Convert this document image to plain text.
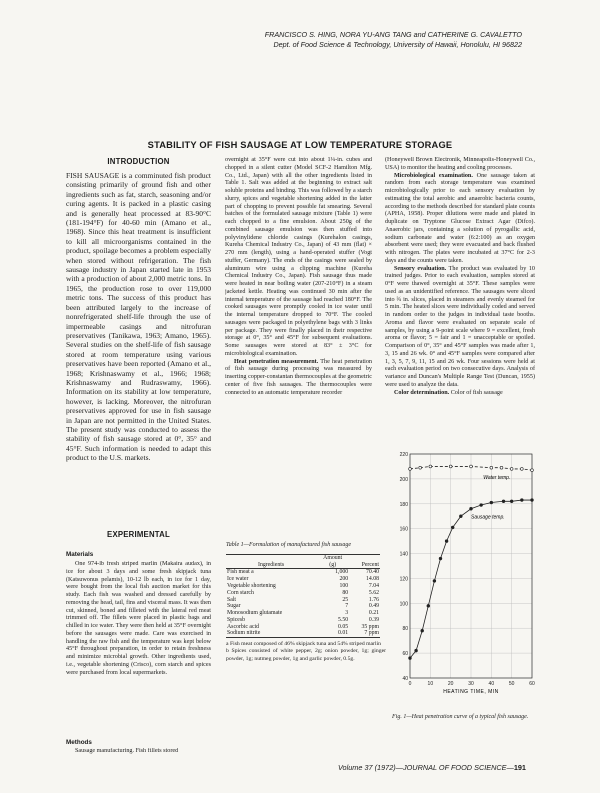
FRANCISCO S. HING, NORA YU-ANG TANG and CATHERINE G. CAVALETTO
Dept. of Food Science & Technology, University of Hawaii, Honolulu, HI 96822
STABILITY OF FISH SAUSAGE AT LOW TEMPERATURE STORAGE
INTRODUCTION
FISH SAUSAGE is a comminuted fish product consisting primarily of ground fish and other ingredients such as fat, starch, seasoning and/or curing agents. It is packed in a plastic casing and is generally heat processed at 83-90°C (181-194°F) for 40-60 min (Amano et al., 1968). Since this heat treatment is insufficient to kill all microorganisms contained in the product, spoilage becomes a problem especially when stored without refrigeration. The fish sausage industry in Japan started late in 1953 with a production of about 2,000 metric tons. In 1965, the production rose to over 119,000 metric tons. The success of this product has been attributed largely to the increase of nonrefrigerated shelf-life through the use of impermeable casings and nitrofuran preservatives (Tanikawa, 1963; Amano, 1965). Several studies on the shelf-life of fish sausage stored at room temperature using various preservatives have been reported (Amano et al., 1968; Krishnaswamy et al., 1966; 1968; Krishnaswamy and Rudraswamy, 1966). Information on its stability at low temperature, however, is lacking. Moreover, the nitrofuran preservatives approved for use in fish sausage in Japan are not permitted in the United States. The present study was conducted to assess the stability of fish sausage stored at 0°, 35° and 45°F. Such information is needed to adapt this product to the U.S. markets.
EXPERIMENTAL
Materials
One 974-lb fresh striped marlin (Makaira audax), in ice for about 3 days and some fresh skipjack tuna (Katsuwonus pelamis), 10-12 lb each, in ice for 1 day, were bought from the local fish auction market for this study. Each fish was washed and dressed carefully by removing the head, tail, fins and visceral mass. It was then cut, skinned, boned and filleted with the lateral red meat trimmed off. The fillets were placed in plastic bags and chilled in ice water. They were then held at 35°F overnight before the sausages were made. Care was exercised in handling the raw fish and the temperature was kept below 45°F throughout preparation, in order to retain freshness and minimize microbial growth. Other ingredients used, i.e., vegetable shortening (Crisco), corn starch and spices were purchased from local supermarkets.
Methods
Sausage manufacturing. Fish fillets stored

overnight at 35°F were cut into about 1¼-in. cubes and chopped in a silent cutter (Model SCF-2 Hamilton Mfg. Co., Ltd., Japan) with all the other ingredients listed in Table 1. Salt was added at the beginning to extract salt soluble proteins and binding. This was followed by a starch slurry, spices and vegetable shortening added in the latter part of chopping to prevent possible fat smearing. Several batches of the formulated sausage mixture (Table 1) were each chopped to a fine emulsion. About 250g of the combined sausage emulsion was then stuffed into polyvinylidene chloride casings (Kurehalon casings, Kureha Chemical Industry Co., Japan) of 43 mm (flat) × 270 mm (length), using a hand-operated stuffer (Vogt stuffer, Germany). The ends of the casings were sealed by aluminum wire using a clipping machine (Kureha Chemical Industry Co., Japan). Fish sausage thus made were heated in near boiling water (207-210°F) in a steam jacketed kettle. Heating was continued 30 min after the internal temperature of the sausage had reached 180°F. The cooked sausages were promptly cooled in ice water until the internal temperature dropped to 70°F. The cooled sausages were packaged in polyethylene bags with 3 links per package. They were finally placed in their respective storage at 0°, 35° and 45°F for subsequent evaluations. Some sausages were stored at 83° ± 3°C for microbiological examination.

Heat penetration measurement. The heat penetration of fish sausage during processing was measured by inserting copper-constantan thermocouples at the geometric center of five fish sausages. The thermocouples were connected to an automatic temperature recorder

(Honeywell Brown Electronik, Minneapolis-Honeywell Co., USA) to monitor the heating and cooling processes.

Microbiological examination. One sausage taken at random from each storage temperature was examined microbiologically prior to each sensory evaluation by estimating the total aerobic and anaerobic bacteria counts, according to the methods described for standard plate counts (APHA, 1958). Proper dilutions were made and plated in duplicate on Tryptone Glucose Extract Agar (Difco). Anaerobic jars, containing a solution of pyrogallic acid, sodium carbonate and water (6:2:100) as an oxygen absorbent were used; they were evacuated and back flushed with nitrogen. The plates were incubated at 37°C for 2-3 days and the counts were taken.

Sensory evaluation. The product was evaluated by 10 trained judges. Prior to each evaluation, samples stored at 0°F were thawed overnight at 35°F. These samples were used as an unidentified reference. The sausages were sliced into ¾ in. slices, placed in steamers and evenly steamed for 5 min. The heated slices were individually coded and served in random order to the judges in individual taste booths. Aroma and flavor were evaluated on separate scale of samples, by using a 9-point scale where 9 = excellent, fresh aroma or flavor; 5 = fair and 1 = unacceptable or spoiled. Comparison of 0°, 35° and 45°F samples was made after 1, 3, 15 and 26 wk. 0° and 45°F samples were compared after 1, 3, 5, 7, 9, 11, 15 and 26 wk. Four sessions were held at each evaluation period on two consecutive days. Analysis of variance and Duncan's Multiple Range Test (Duncan, 1955) were used to analyze the data.

Color determination. Color of fish sausage

Table 1—Formulation of manufactured fish sausage
	Amount	
Ingredients	(g)	Percent
Fish meat a	1,000	70.40
Ice water	200	14.08
Vegetable shortening	100	7.04
Corn starch	80	5.62
Salt	25	1.76
Sugar	7	0.49
Monosodium glutamate	3	0.21
Spicesb	5.50	0.39
Ascorbic acid	0.05	35 ppm
Sodium nitrite	0.01	7 ppm
a Fish meat composed of 46% skipjack tuna and 54% striped marlin
b Spices consisted of white pepper, 2g; onion powder, 1g; ginger powder, 1g; nutmeg powder, 1g and garlic powder, 0.5g.
220
200
180
160
140
120
100
80
60
40
0	10	20	30	40	50	60
HEATING TIME, MIN
Water temp.
Sausage temp.
Fig. 1—Heat penetration curve of a typical fish sausage.
Volume 37 (1972)—JOURNAL OF FOOD SCIENCE—191
